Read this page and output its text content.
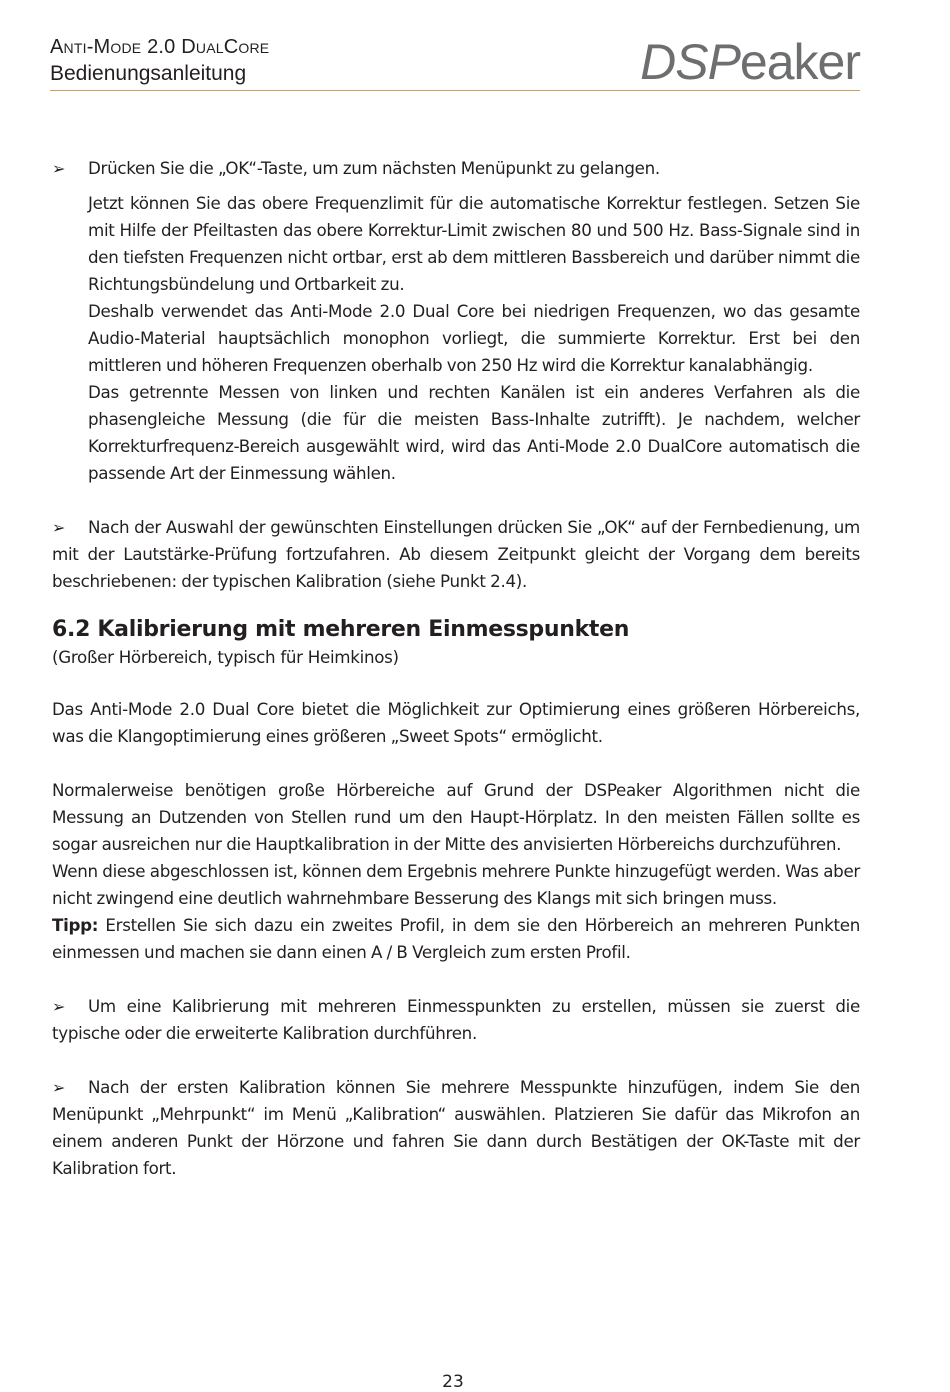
Anti-Mode 2.0 DualCore
Bedienungsanleitung	DSPeaker

➢ Drücken Sie die „OK“-Taste, um zum nächsten Menüpunkt zu gelangen.

Jetzt können Sie das obere Frequenzlimit für die automatische Korrektur festlegen. Setzen Sie mit Hilfe der Pfeiltasten das obere Korrektur-Limit zwischen 80 und 500 Hz. Bass-Signale sind in den tiefsten Frequenzen nicht ortbar, erst ab dem mittleren Bassbereich und darüber nimmt die Richtungsbündelung und Ortbarkeit zu.

Deshalb verwendet das Anti-Mode 2.0 Dual Core bei niedrigen Frequenzen, wo das gesamte Audio-Material hauptsächlich monophon vorliegt, die summierte Korrektur. Erst bei den mittleren und höheren Frequenzen oberhalb von 250 Hz wird die Korrektur kanalabhängig.

Das getrennte Messen von linken und rechten Kanälen ist ein anderes Verfahren als die phasengleiche Messung (die für die meisten Bass-Inhalte zutrifft). Je nachdem, welcher Korrekturfrequenz-Bereich ausgewählt wird, wird das Anti-Mode 2.0 DualCore automatisch die passende Art der Einmessung wählen.

➢ Nach der Auswahl der gewünschten Einstellungen drücken Sie „OK“ auf der Fernbedienung, um mit der Lautstärke-Prüfung fortzufahren. Ab diesem Zeitpunkt gleicht der Vorgang dem bereits beschriebenen: der typischen Kalibration (siehe Punkt 2.4).

6.2 Kalibrierung mit mehreren Einmesspunkten

(Großer Hörbereich, typisch für Heimkinos)

Das Anti-Mode 2.0 Dual Core bietet die Möglichkeit zur Optimierung eines größeren Hörbereichs, was die Klangoptimierung eines größeren „Sweet Spots“ ermöglicht.

Normalerweise benötigen große Hörbereiche auf Grund der DSPeaker Algorithmen nicht die Messung an Dutzenden von Stellen rund um den Haupt-Hörplatz. In den meisten Fällen sollte es sogar ausreichen nur die Hauptkalibration in der Mitte des anvisierten Hörbereichs durchzuführen.

Wenn diese abgeschlossen ist, können dem Ergebnis mehrere Punkte hinzugefügt werden. Was aber nicht zwingend eine deutlich wahrnehmbare Besserung des Klangs mit sich bringen muss.

Tipp: Erstellen Sie sich dazu ein zweites Profil, in dem sie den Hörbereich an mehreren Punkten einmessen und machen sie dann einen A / B Vergleich zum ersten Profil.

➢ Um eine Kalibrierung mit mehreren Einmesspunkten zu erstellen, müssen sie zuerst die typische oder die erweiterte Kalibration durchführen.

➢ Nach der ersten Kalibration können Sie mehrere Messpunkte hinzufügen, indem Sie den Menüpunkt „Mehrpunkt“ im Menü „Kalibration“ auswählen. Platzieren Sie dafür das Mikrofon an einem anderen Punkt der Hörzone und fahren Sie dann durch Bestätigen der OK-Taste mit der Kalibration fort.

23
